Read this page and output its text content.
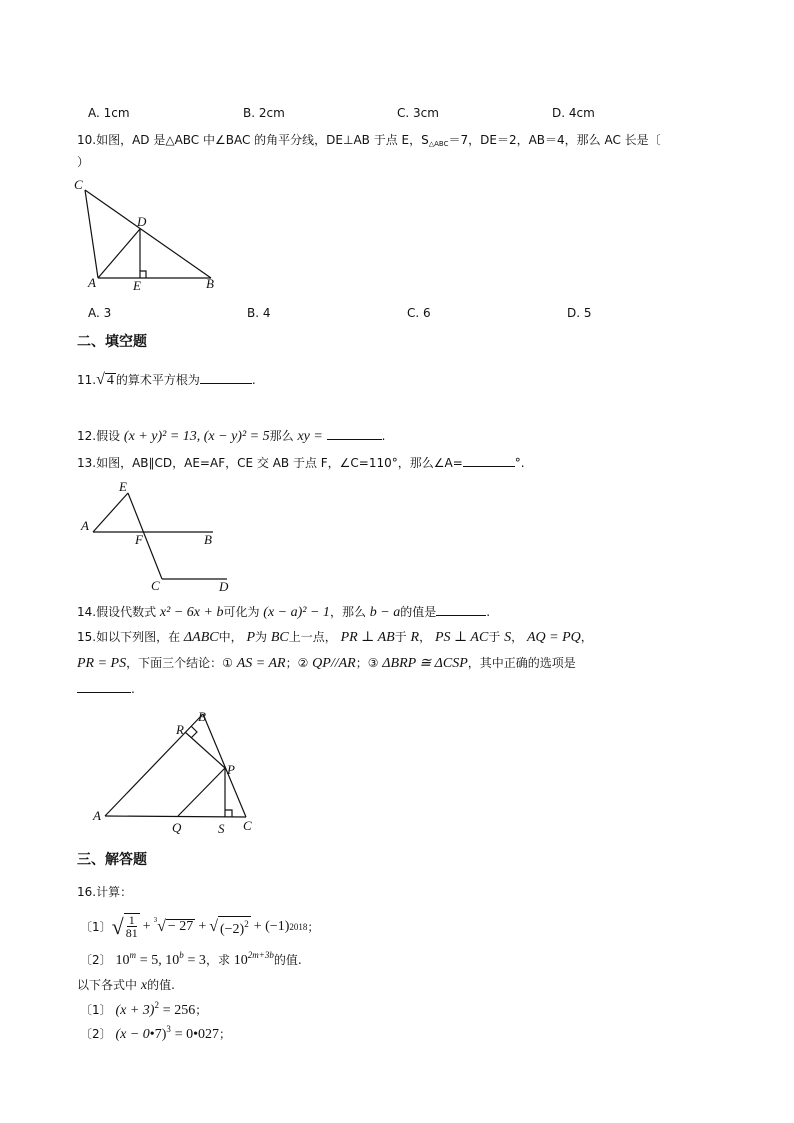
A. 1cm	B. 2cm	C. 3cm	D. 4cm
10.如图，AD 是△ABC 中∠BAC 的角平分线，DE⊥AB 于点 E，$S_{\triangle ABC}=7$，DE＝2，AB＝4，那么 AC 长是〔
）
C
D
A	E	B
A. 3	B. 4	C. 6	D. 5
二、填空题
11.√ 4 的算术平方根为	.
12.假设 (x + y)² = 13, (x − y)² = 5那么 xy =	.
13.如图，AB∥CD，AE=AF，CE 交 AB 于点 F，∠C=110°，那么∠A=	°.
E
A
F	B
C	D
14.假设代数式 x² − 6x + b可化为 (x − a)² − 1，那么 b − a的值是	.
15.如以下列图，在 ΔABC中， P为 BC上一点， PR ⊥ AB于 R， PS ⊥ AC于 S， AQ = PQ，
PR = PS，下面三个结论：① AS = AR；② QP//AR；③ ΔBRP ≅ ΔCSP，其中正确的选项是
.
B
R
P
A
Q	S C
三、解答题
16.计算：
〔1〕 √ $\frac{1}{81} + 3$ √ − 27 + √ $(-2)^2 + (-1)$ 2018 ；
〔2〕 $10^m = 5$, $10^b = 3$，求 $10^{2m+3b}$的值.
以下各式中 x的值.
〔1〕 $(x + 3)^2 = 256$；
〔2〕 (x − 0•7)$^3$ = 0•027；
